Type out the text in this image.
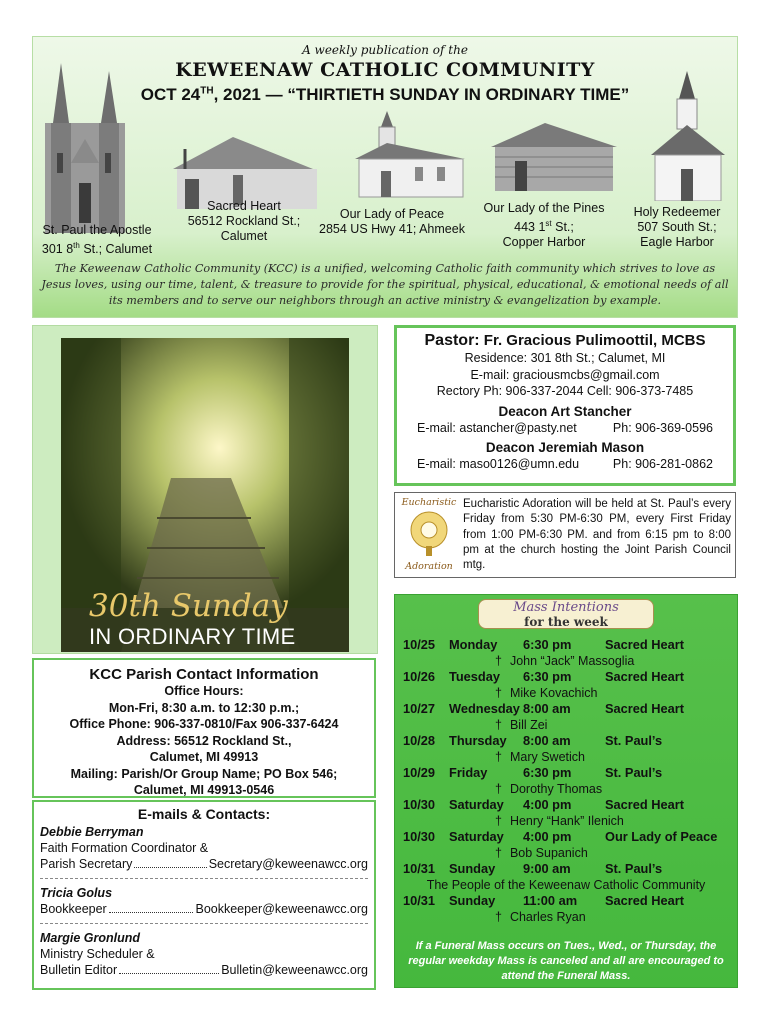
A weekly publication of the
KEWEENAW CATHOLIC COMMUNITY
OCT 24TH, 2021 — “THIRTIETH SUNDAY IN ORDINARY TIME”
St. Paul the Apostle
301 8th St.; Calumet
Sacred Heart
56512 Rockland St.;
Calumet
Our Lady of Peace
2854 US Hwy 41; Ahmeek
Our Lady of the Pines
443 1st St.;
Copper Harbor
Holy Redeemer
507 South St.;
Eagle Harbor
The Keweenaw Catholic Community (KCC) is a unified, welcoming Catholic faith community which strives to love as Jesus loves, using our time, talent, & treasure to provide for the spiritual, physical, educational, & emotional needs of all its members and to serve our neighbors through an active ministry & evangelization by example.
30th Sunday
IN ORDINARY TIME
KCC Parish Contact Information
Office Hours:
Mon-Fri, 8:30 a.m. to 12:30 p.m.;
Office Phone: 906-337-0810/Fax 906-337-6424
Address: 56512 Rockland St.,
Calumet, MI 49913
Mailing: Parish/Or Group Name; PO Box 546;
Calumet, MI 49913-0546
E-mails & Contacts:
Debbie Berryman
Faith Formation Coordinator &
Parish Secretary	Secretary@keweenawcc.org
Tricia Golus
Bookkeeper	Bookkeeper@keweenawcc.org
Margie Gronlund
Ministry Scheduler &
Bulletin Editor	Bulletin@keweenawcc.org
Pastor: Fr. Gracious Pulimoottil, MCBS
Residence: 301 8th St.; Calumet, MI
E-mail: graciousmcbs@gmail.com
Rectory Ph: 906-337-2044 Cell: 906-373-7485
Deacon Art Stancher
E-mail: astancher@pasty.net	Ph: 906-369-0596
Deacon Jeremiah Mason
E-mail: maso0126@umn.edu	Ph: 906-281-0862
Eucharistic
Adoration
Eucharistic Adoration will be held at St. Paul’s every Friday from 5:30 PM-6:30 PM, every First Friday from 1:00 PM-6:30 PM. and from 6:15 pm to 8:00 pm at the church hosting the Joint Parish Council mtg.
Mass Intentions
for the week
10/25	Monday	6:30 pm	Sacred Heart
† John “Jack” Massoglia
10/26	Tuesday	6:30 pm	Sacred Heart
† Mike Kovachich
10/27	Wednesday 8:00 am	Sacred Heart
† Bill Zei
10/28	Thursday	8:00 am	St. Paul’s
† Mary Swetich
10/29	Friday	6:30 pm	St. Paul’s
† Dorothy Thomas
10/30	Saturday	4:00 pm	Sacred Heart
† Henry “Hank” Ilenich
10/30	Saturday	4:00 pm	Our Lady of Peace
† Bob Supanich
10/31	Sunday	9:00 am	St. Paul’s
The People of the Keweenaw Catholic Community
10/31	Sunday	11:00 am	Sacred Heart
† Charles Ryan
If a Funeral Mass occurs on Tues., Wed., or Thursday, the regular weekday Mass is canceled and all are encouraged to attend the Funeral Mass.
